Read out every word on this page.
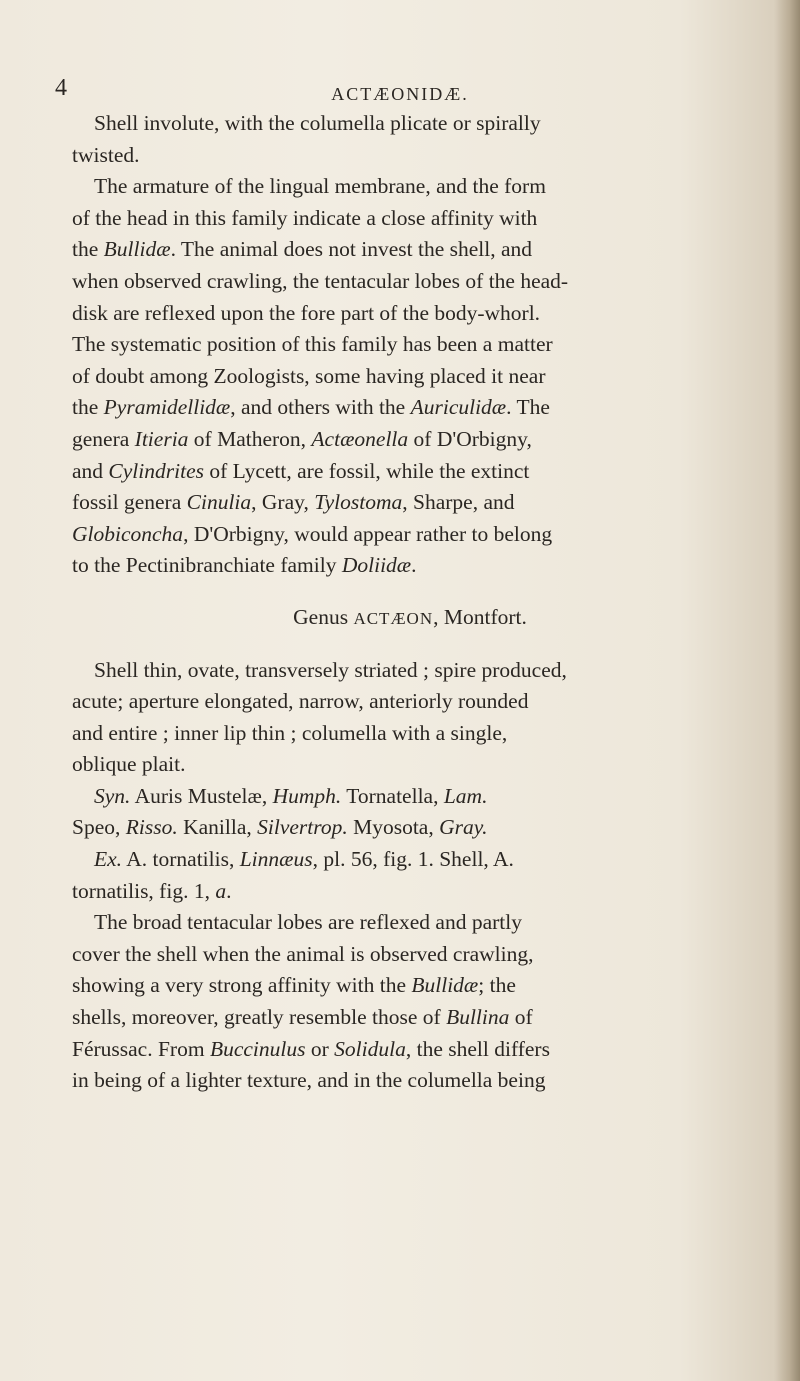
4	ACTÆONIDÆ.

Shell involute, with the columella plicate or spirally
twisted.

The armature of the lingual membrane, and the form
of the head in this family indicate a close affinity with
the Bullidæ. The animal does not invest the shell, and
when observed crawling, the tentacular lobes of the head-
disk are reflexed upon the fore part of the body-whorl.
The systematic position of this family has been a matter
of doubt among Zoologists, some having placed it near
the Pyramidellidæ, and others with the Auriculidæ. The
genera Itieria of Matheron, Actæonella of D'Orbigny,
and Cylindrites of Lycett, are fossil, while the extinct
fossil genera Cinulia, Gray, Tylostoma, Sharpe, and
Globiconcha, D'Orbigny, would appear rather to belong
to the Pectinibranchiate family Doliidæ.

Genus ACTÆON, Montfort.

Shell thin, ovate, transversely striated ; spire produced,
acute; aperture elongated, narrow, anteriorly rounded
and entire ; inner lip thin ; columella with a single,
oblique plait.

Syn. Auris Mustelæ, Humph. Tornatella, Lam.
Speo, Risso. Kanilla, Silvertrop. Myosota, Gray.

Ex. A. tornatilis, Linnæus, pl. 56, fig. 1. Shell, A.
tornatilis, fig. 1, a.

The broad tentacular lobes are reflexed and partly
cover the shell when the animal is observed crawling,
showing a very strong affinity with the Bullidæ; the
shells, moreover, greatly resemble those of Bullina of
Férussac. From Buccinulus or Solidula, the shell differs
in being of a lighter texture, and in the columella being
